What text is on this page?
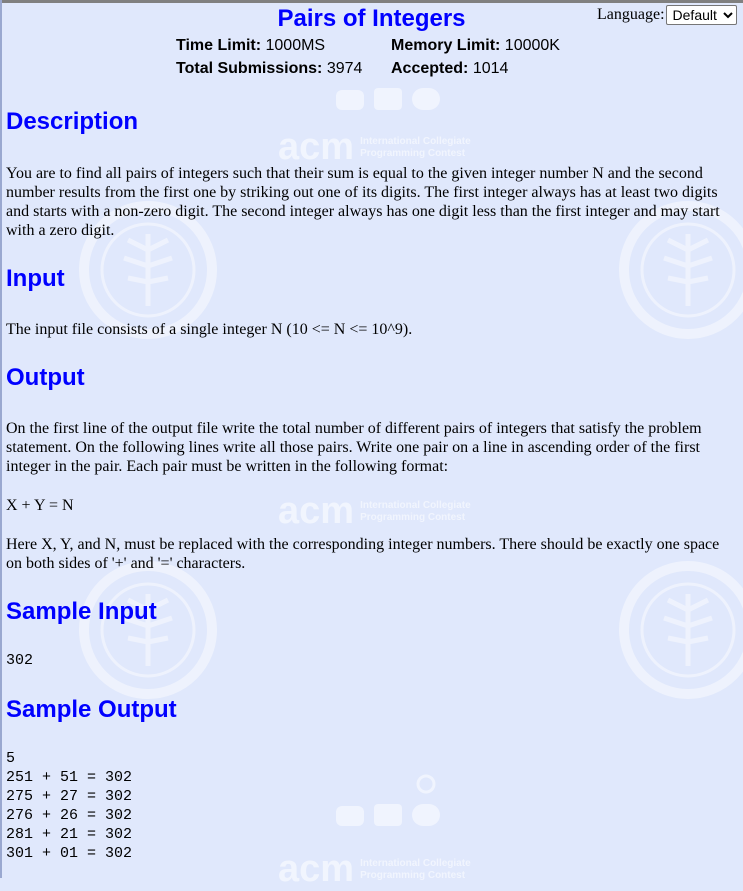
acm International Collegiate
Programming Contest
acm International Collegiate
Programming Contest
acm International Collegiate
Programming Contest
Pairs of Integers	Language:
Default
Time Limit: 1000MS	Memory Limit: 10000K
Total Submissions: 3974 Accepted: 1014
Description

You are to find all pairs of integers such that their sum is equal to the given integer number N and the second number results from the first one by striking out one of its digits. The first integer always has at least two digits and starts with a non-zero digit. The second integer always has one digit less than the first integer and may start with a zero digit.

Input

The input file consists of a single integer N (10 <= N <= 10^9).

Output

On the first line of the output file write the total number of different pairs of integers that satisfy the problem statement. On the following lines write all those pairs. Write one pair on a line in ascending order of the first integer in the pair. Each pair must be written in the following format:

X + Y = N

Here X, Y, and N, must be replaced with the corresponding integer numbers. There should be exactly one space on both sides of '+' and '=' characters.

Sample Input
302
Sample Output
5
251 + 51 = 302
275 + 27 = 302
276 + 26 = 302
281 + 21 = 302
301 + 01 = 302
